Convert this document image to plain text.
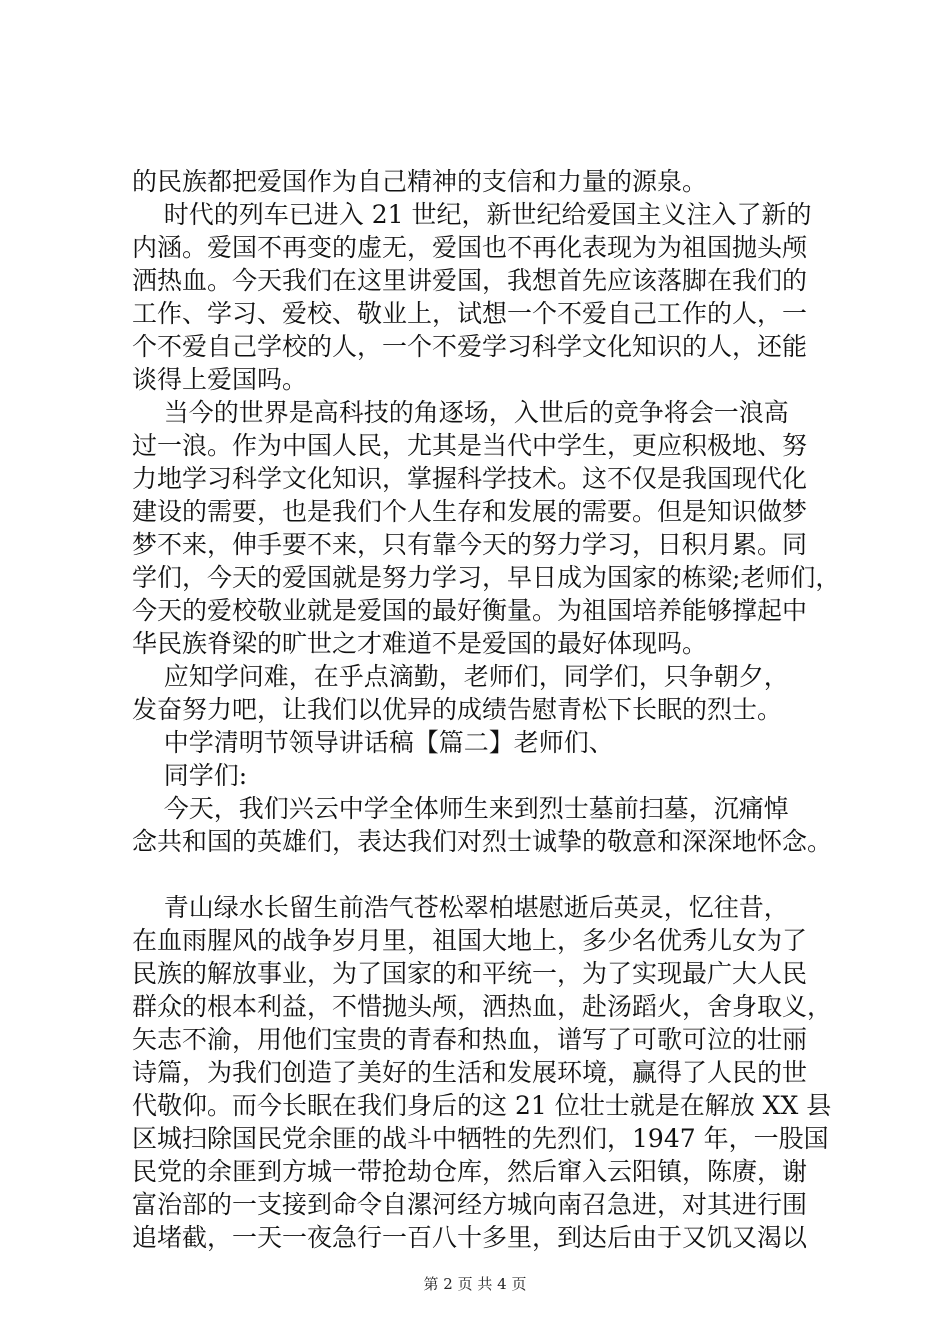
的民族都把爱国作为自己精神的支信和力量的源泉。
时代的列车已进入 21 世纪，新世纪给爱国主义注入了新的
内涵。爱国不再变的虚无，爱国也不再化表现为为祖国抛头颅
洒热血。今天我们在这里讲爱国，我想首先应该落脚在我们的
工作、学习、爱校、敬业上，试想一个不爱自己工作的人，一
个不爱自己学校的人，一个不爱学习科学文化知识的人，还能
谈得上爱国吗。
当今的世界是高科技的角逐场，入世后的竞争将会一浪高
过一浪。作为中国人民，尤其是当代中学生，更应积极地、努
力地学习科学文化知识，掌握科学技术。这不仅是我国现代化
建设的需要，也是我们个人生存和发展的需要。但是知识做梦
梦不来，伸手要不来，只有靠今天的努力学习，日积月累。同
学们，今天的爱国就是努力学习，早日成为国家的栋梁;老师们，
今天的爱校敬业就是爱国的最好衡量。为祖国培养能够撑起中
华民族脊梁的旷世之才难道不是爱国的最好体现吗。
应知学问难，在乎点滴勤，老师们，同学们，只争朝夕，
发奋努力吧，让我们以优异的成绩告慰青松下长眠的烈士。
中学清明节领导讲话稿【篇二】老师们、
同学们:
今天，我们兴云中学全体师生来到烈士墓前扫墓，沉痛悼
念共和国的英雄们，表达我们对烈士诚挚的敬意和深深地怀念。
青山绿水长留生前浩气苍松翠柏堪慰逝后英灵，忆往昔，
在血雨腥风的战争岁月里，祖国大地上，多少名优秀儿女为了
民族的解放事业，为了国家的和平统一，为了实现最广大人民
群众的根本利益，不惜抛头颅，洒热血，赴汤蹈火，舍身取义，
矢志不渝，用他们宝贵的青春和热血，谱写了可歌可泣的壮丽
诗篇，为我们创造了美好的生活和发展环境，赢得了人民的世
代敬仰。而今长眠在我们身后的这 21 位壮士就是在解放 XX 县
区城扫除国民党余匪的战斗中牺牲的先烈们，1947 年，一股国
民党的余匪到方城一带抢劫仓库，然后窜入云阳镇，陈赓，谢
富治部的一支接到命令自漯河经方城向南召急进，对其进行围
追堵截，一天一夜急行一百八十多里，到达后由于又饥又渴以
第 2 页 共 4 页
